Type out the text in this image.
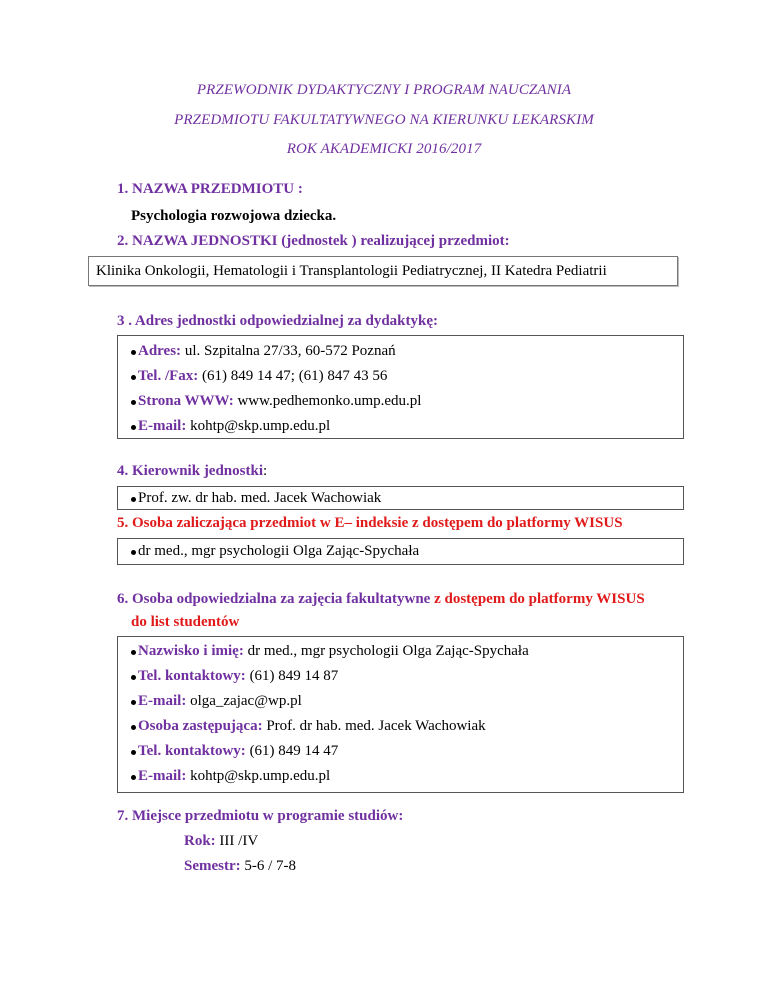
PRZEWODNIK DYDAKTYCZNY I PROGRAM NAUCZANIA
PRZEDMIOTU FAKULTATYWNEGO NA KIERUNKU LEKARSKIM
ROK AKADEMICKI 2016/2017
1. NAZWA PRZEDMIOTU :
Psychologia rozwojowa dziecka.
2. NAZWA JEDNOSTKI (jednostek ) realizującej przedmiot:
Klinika Onkologii, Hematologii i Transplantologii Pediatrycznej, II Katedra Pediatrii
3 . Adres jednostki odpowiedzialnej za dydaktykę:
Adres: ul. Szpitalna 27/33, 60-572 Poznań
Tel. /Fax: (61) 849 14 47; (61) 847 43 56
Strona WWW: www.pedhemonko.ump.edu.pl
E-mail: kohtp@skp.ump.edu.pl
4. Kierownik jednostki:
Prof. zw. dr hab. med. Jacek Wachowiak
5. Osoba zaliczająca przedmiot w E– indeksie z dostępem do platformy WISUS
dr med., mgr psychologii Olga Zając-Spychała
6. Osoba odpowiedzialna za zajęcia fakultatywne z dostępem do platformy WISUS
do list studentów
Nazwisko i imię: dr med., mgr psychologii Olga Zając-Spychała
Tel. kontaktowy: (61) 849 14 87
E-mail: olga_zajac@wp.pl
Osoba zastępująca: Prof. dr hab. med. Jacek Wachowiak
Tel. kontaktowy: (61) 849 14 47
E-mail: kohtp@skp.ump.edu.pl
7. Miejsce przedmiotu w programie studiów:
Rok: III /IV
Semestr: 5-6 / 7-8
